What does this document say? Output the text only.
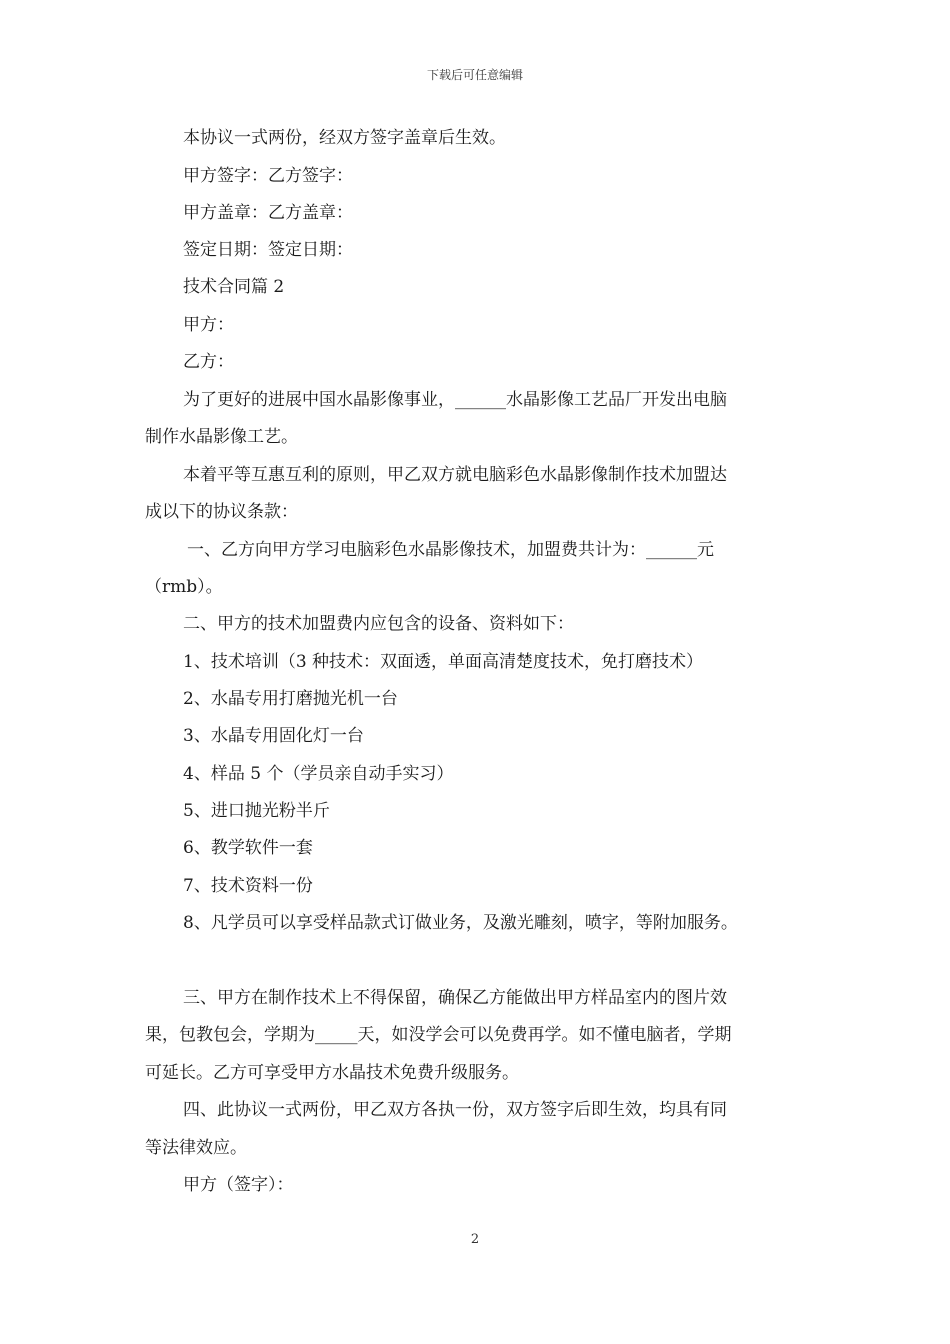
下载后可任意编辑
本协议一式两份，经双方签字盖章后生效。
甲方签字：乙方签字：
甲方盖章：乙方盖章：
签定日期：签定日期：
技术合同篇 2
甲方：
乙方：
为了更好的进展中国水晶影像事业，______水晶影像工艺品厂开发出电脑
制作水晶影像工艺。
本着平等互惠互利的原则，甲乙双方就电脑彩色水晶影像制作技术加盟达
成以下的协议条款：
一、乙方向甲方学习电脑彩色水晶影像技术，加盟费共计为：______元
（rmb）。
二、甲方的技术加盟费内应包含的设备、资料如下：
1、技术培训（3 种技术：双面透，单面高清楚度技术，免打磨技术）
2、水晶专用打磨抛光机一台
3、水晶专用固化灯一台
4、样品 5 个（学员亲自动手实习）
5、进口抛光粉半斤
6、教学软件一套
7、技术资料一份
8、凡学员可以享受样品款式订做业务，及激光雕刻，喷字，等附加服务。
三、甲方在制作技术上不得保留，确保乙方能做出甲方样品室内的图片效
果，包教包会，学期为_____天，如没学会可以免费再学。如不懂电脑者，学期
可延长。乙方可享受甲方水晶技术免费升级服务。
四、此协议一式两份，甲乙双方各执一份，双方签字后即生效，均具有同
等法律效应。
甲方（签字）：
2
